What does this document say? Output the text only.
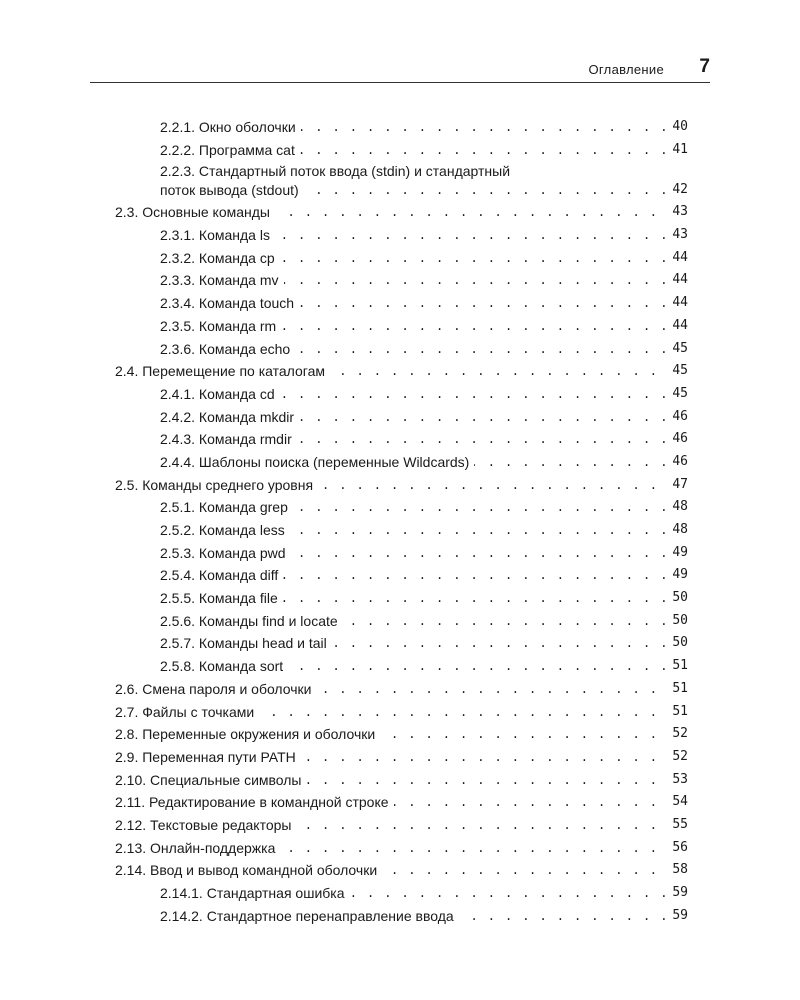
Оглавление 7
. . .
2.2.1. Окно оболочки	40
. . .
2.2.2. Программа cat	41
2.2.3. Стандартный поток ввода (stdin) и стандартный
. . .
поток вывода (stdout)	42
. . .
2.3. Основные команды	43
. . .
2.3.1. Команда ls	43
. . .
2.3.2. Команда cp	44
. . .
2.3.3. Команда mv	44
. . .
2.3.4. Команда touch	44
. . .
2.3.5. Команда rm	44
. . .
2.3.6. Команда echo	45
. . .
2.4. Перемещение по каталогам	45
. . .
2.4.1. Команда cd	45
. . .
2.4.2. Команда mkdir	46
. . .
2.4.3. Команда rmdir	46
. . .
2.4.4. Шаблоны поиска (переменные Wildcards)	46
. . .
2.5. Команды среднего уровня	47
. . .
2.5.1. Команда grep	48
. . .
2.5.2. Команда less	48
. . .
2.5.3. Команда pwd	49
. . .
2.5.4. Команда diff	49
. . .
2.5.5. Команда file	50
. . .
2.5.6. Команды find и locate	50
. . .
2.5.7. Команды head и tail	50
. . .
2.5.8. Команда sort	51
. . .
2.6. Смена пароля и оболочки	51
. . .
2.7. Файлы с точками	51
. . .
2.8. Переменные окружения и оболочки	52
. . .
2.9. Переменная пути PATH	52
. . .
2.10. Специальные символы	53
. . .
2.11. Редактирование в командной строке	54
. . .
2.12. Текстовые редакторы	55
. . .
2.13. Онлайн-поддержка	56
. . .
2.14. Ввод и вывод командной оболочки	58
. . .
2.14.1. Стандартная ошибка	59
. . .
2.14.2. Стандартное перенаправление ввода	59
